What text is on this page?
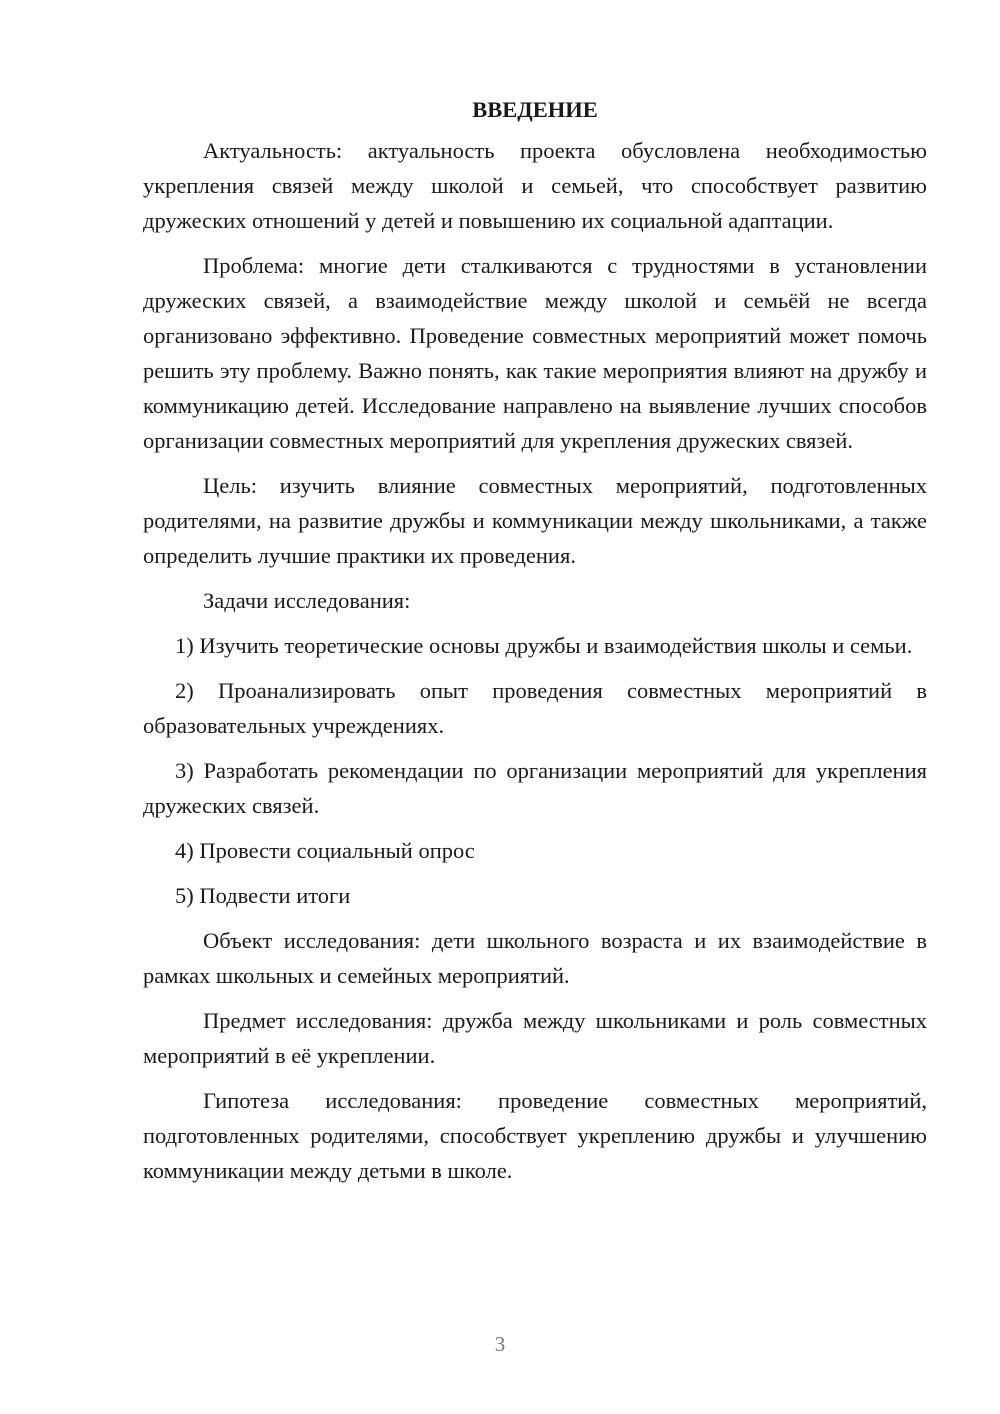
ВВЕДЕНИЕ
Актуальность: актуальность проекта обусловлена необходимостью укрепления связей между школой и семьей, что способствует развитию дружеских отношений у детей и повышению их социальной адаптации.
Проблема: многие дети сталкиваются с трудностями в установлении дружеских связей, а взаимодействие между школой и семьёй не всегда организовано эффективно. Проведение совместных мероприятий может помочь решить эту проблему. Важно понять, как такие мероприятия влияют на дружбу и коммуникацию детей. Исследование направлено на выявление лучших способов организации совместных мероприятий для укрепления дружеских связей.
Цель: изучить влияние совместных мероприятий, подготовленных родителями, на развитие дружбы и коммуникации между школьниками, а также определить лучшие практики их проведения.
Задачи исследования:
1) Изучить теоретические основы дружбы и взаимодействия школы и семьи.
2) Проанализировать опыт проведения совместных мероприятий в образовательных учреждениях.
3) Разработать рекомендации по организации мероприятий для укрепления дружеских связей.
4) Провести социальный опрос
5) Подвести итоги
Объект исследования: дети школьного возраста и их взаимодействие в рамках школьных и семейных мероприятий.
Предмет исследования: дружба между школьниками и роль совместных мероприятий в её укреплении.
Гипотеза исследования: проведение совместных мероприятий, подготовленных родителями, способствует укреплению дружбы и улучшению коммуникации между детьми в школе.
3
